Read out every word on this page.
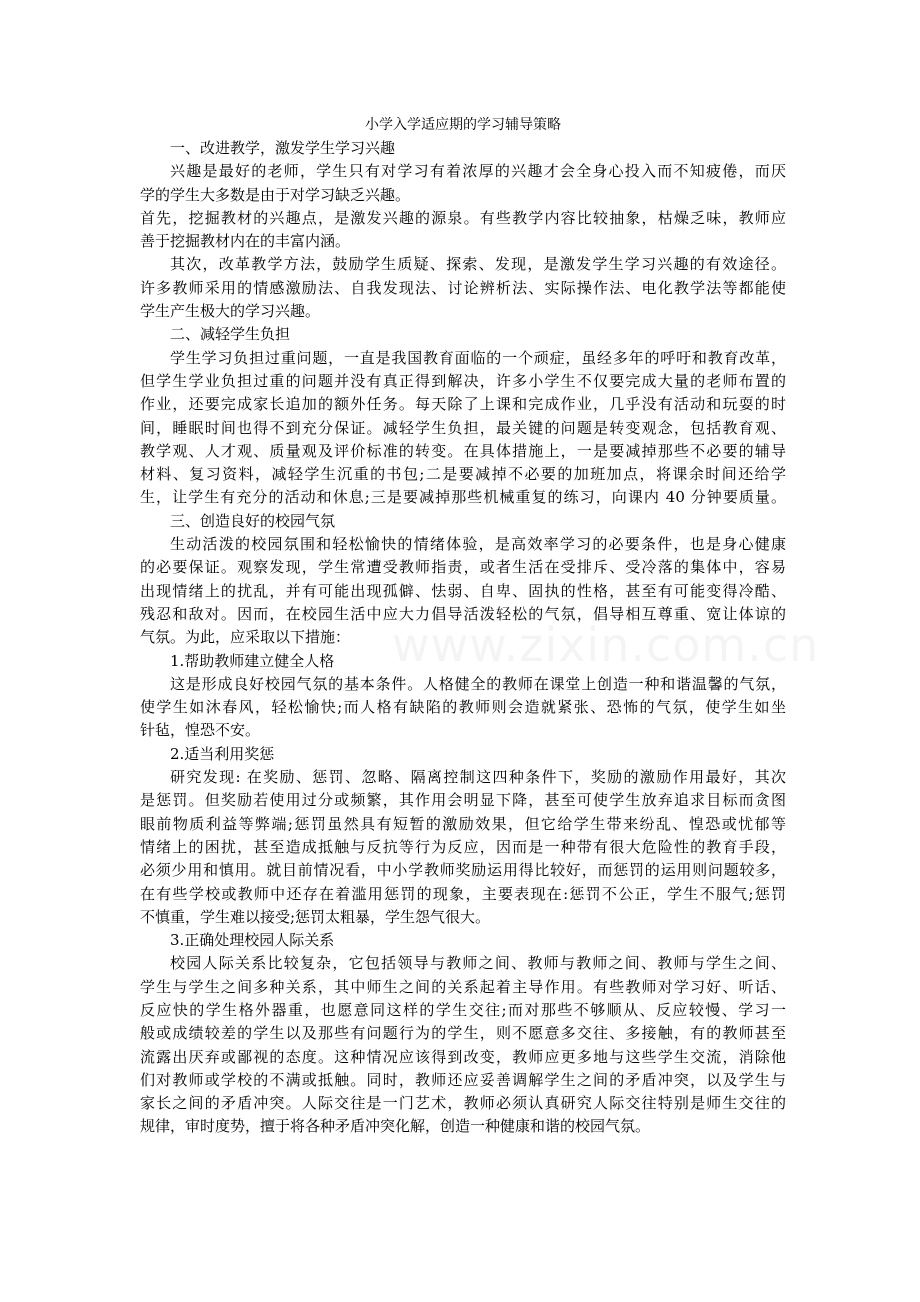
小学入学适应期的学习辅导策略

一、改进教学，激发学生学习兴趣

兴趣是最好的老师，学生只有对学习有着浓厚的兴趣才会全身心投入而不知疲倦，而厌

学的学生大多数是由于对学习缺乏兴趣。

首先，挖掘教材的兴趣点，是激发兴趣的源泉。有些教学内容比较抽象，枯燥乏味，教师应

善于挖掘教材内在的丰富内涵。

其次，改革教学方法，鼓励学生质疑、探索、发现，是激发学生学习兴趣的有效途径。

许多教师采用的情感激励法、自我发现法、讨论辨析法、实际操作法、电化教学法等都能使

学生产生极大的学习兴趣。

二、减轻学生负担

学生学习负担过重问题，一直是我国教育面临的一个顽症，虽经多年的呼吁和教育改革，

但学生学业负担过重的问题并没有真正得到解决，许多小学生不仅要完成大量的老师布置的

作业，还要完成家长追加的额外任务。每天除了上课和完成作业，几乎没有活动和玩耍的时

间，睡眠时间也得不到充分保证。减轻学生负担，最关键的问题是转变观念，包括教育观、

教学观、人才观、质量观及评价标准的转变。在具体措施上，一是要减掉那些不必要的辅导

材料、复习资料，减轻学生沉重的书包;二是要减掉不必要的加班加点，将课余时间还给学

生，让学生有充分的活动和休息;三是要减掉那些机械重复的练习，向课内 40 分钟要质量。

三、创造良好的校园气氛

生动活泼的校园氛围和轻松愉快的情绪体验，是高效率学习的必要条件，也是身心健康

的必要保证。观察发现，学生常遭受教师指责，或者生活在受排斥、受冷落的集体中，容易

出现情绪上的扰乱，并有可能出现孤僻、怯弱、自卑、固执的性格，甚至有可能变得冷酷、

残忍和敌对。因而，在校园生活中应大力倡导活泼轻松的气氛，倡导相互尊重、宽让体谅的

气氛。为此，应采取以下措施：

1.帮助教师建立健全人格

这是形成良好校园气氛的基本条件。人格健全的教师在课堂上创造一种和谐温馨的气氛，

使学生如沐春风，轻松愉快;而人格有缺陷的教师则会造就紧张、恐怖的气氛，使学生如坐

针毡，惶恐不安。

2.适当利用奖惩

研究发现: 在奖励、惩罚、忽略、隔离控制这四种条件下，奖励的激励作用最好，其次

是惩罚。但奖励若使用过分或频繁，其作用会明显下降，甚至可使学生放弃追求目标而贪图

眼前物质利益等弊端;惩罚虽然具有短暂的激励效果，但它给学生带来纷乱、惶恐或忧郁等

情绪上的困扰，甚至造成抵触与反抗等行为反应，因而是一种带有很大危险性的教育手段，

必须少用和慎用。就目前情况看，中小学教师奖励运用得比较好，而惩罚的运用则问题较多，

在有些学校或教师中还存在着滥用惩罚的现象，主要表现在:惩罚不公正，学生不服气;惩罚

不慎重，学生难以接受;惩罚太粗暴，学生怨气很大。

3.正确处理校园人际关系

校园人际关系比较复杂，它包括领导与教师之间、教师与教师之间、教师与学生之间、

学生与学生之间多种关系，其中师生之间的关系起着主导作用。有些教师对学习好、听话、

反应快的学生格外器重，也愿意同这样的学生交往;而对那些不够顺从、反应较慢、学习一

般或成绩较差的学生以及那些有问题行为的学生，则不愿意多交往、多接触，有的教师甚至

流露出厌弃或鄙视的态度。这种情况应该得到改变，教师应更多地与这些学生交流，消除他

们对教师或学校的不满或抵触。同时，教师还应妥善调解学生之间的矛盾冲突，以及学生与

家长之间的矛盾冲突。人际交往是一门艺术，教师必须认真研究人际交往特别是师生交往的

规律，审时度势，擅于将各种矛盾冲突化解，创造一种健康和谐的校园气氛。
